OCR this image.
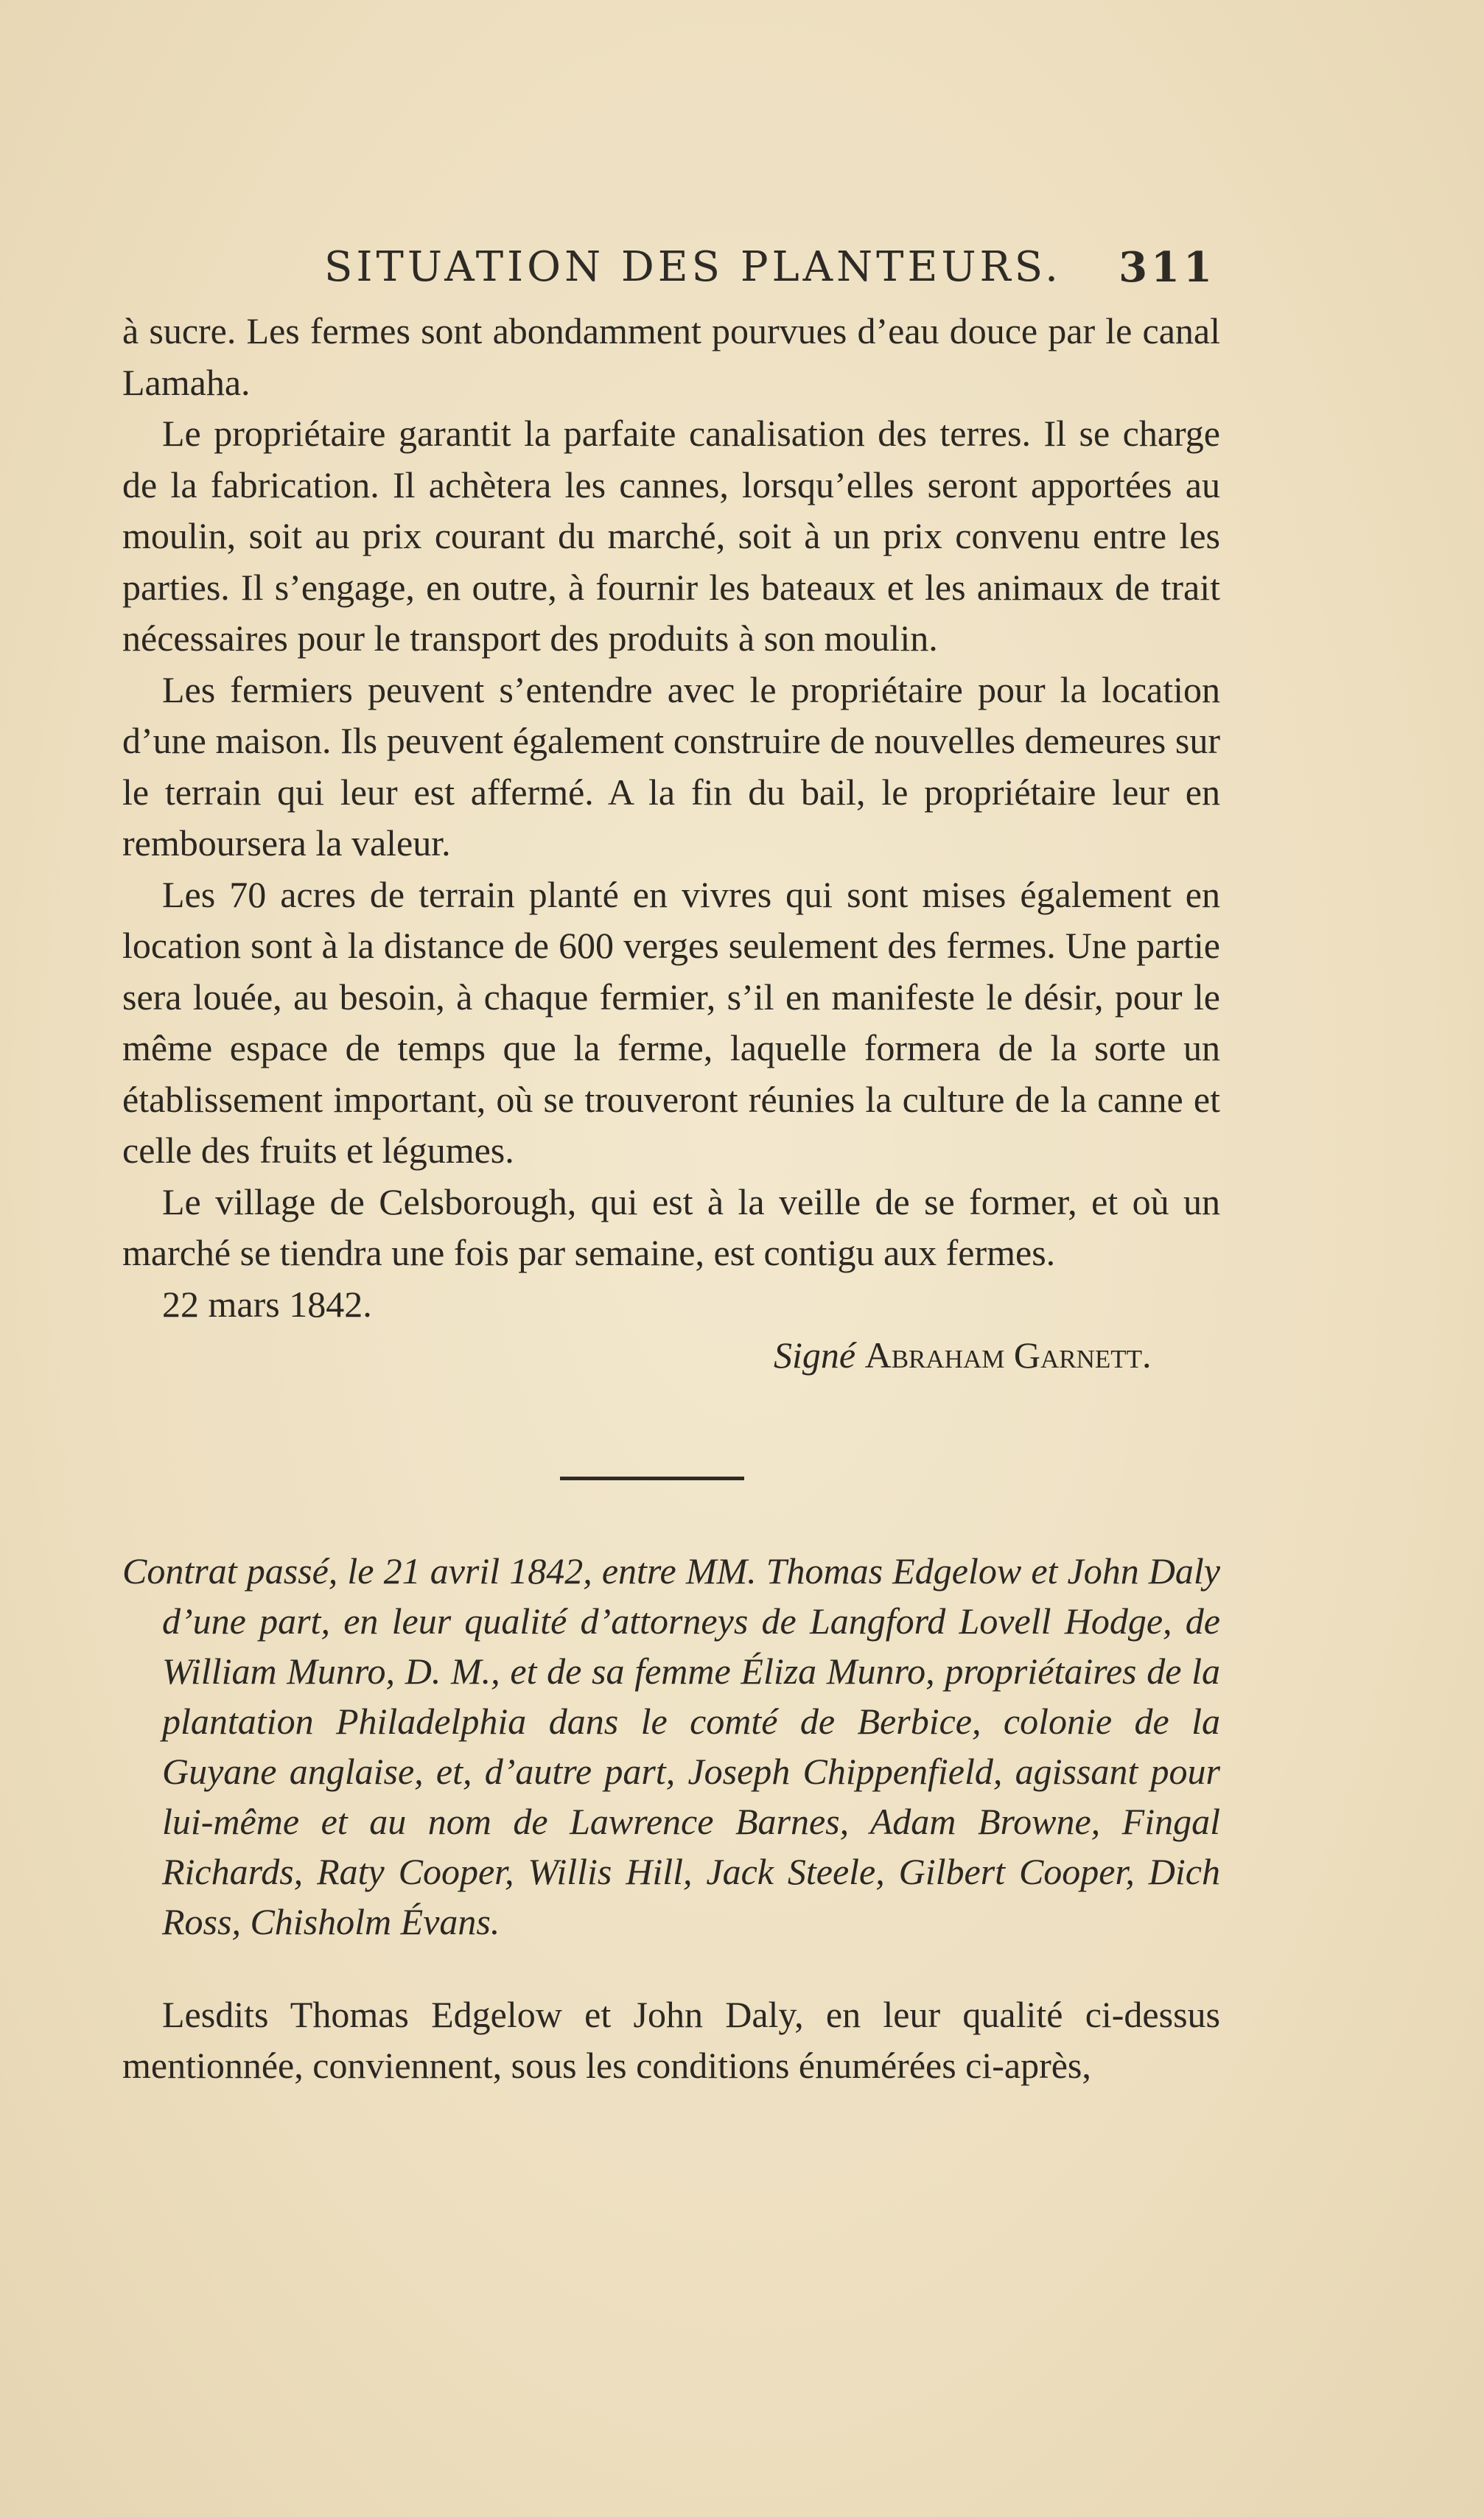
SITUATION DES PLANTEURS. 311

à sucre. Les fermes sont abondamment pourvues d’eau douce par le canal Lamaha.

Le propriétaire garantit la parfaite canalisation des terres. Il se charge de la fabrication. Il achètera les cannes, lorsqu’elles seront apportées au moulin, soit au prix courant du marché, soit à un prix convenu entre les parties. Il s’engage, en outre, à fournir les bateaux et les animaux de trait nécessaires pour le transport des produits à son moulin.

Les fermiers peuvent s’entendre avec le propriétaire pour la location d’une maison. Ils peuvent également construire de nouvelles demeures sur le terrain qui leur est affermé. A la fin du bail, le propriétaire leur en remboursera la valeur.

Les 70 acres de terrain planté en vivres qui sont mises également en location sont à la distance de 600 verges seulement des fermes. Une partie sera louée, au besoin, à chaque fermier, s’il en manifeste le désir, pour le même espace de temps que la ferme, laquelle formera de la sorte un établissement important, où se trouveront réunies la culture de la canne et celle des fruits et légumes.

Le village de Celsborough, qui est à la veille de se former, et où un marché se tiendra une fois par semaine, est contigu aux fermes.

22 mars 1842.

Signé Abraham Garnett.

Contrat passé, le 21 avril 1842, entre MM. Thomas Edgelow et John Daly d’une part, en leur qualité d’attorneys de Langford Lovell Hodge, de William Munro, D. M., et de sa femme Éliza Munro, propriétaires de la plantation Philadelphia dans le comté de Berbice, colonie de la Guyane anglaise, et, d’autre part, Joseph Chippenfield, agissant pour lui-même et au nom de Lawrence Barnes, Adam Browne, Fingal Richards, Raty Cooper, Willis Hill, Jack Steele, Gilbert Cooper, Dich Ross, Chisholm Évans.

Lesdits Thomas Edgelow et John Daly, en leur qualité ci-dessus mentionnée, conviennent, sous les conditions énumérées ci-après,
